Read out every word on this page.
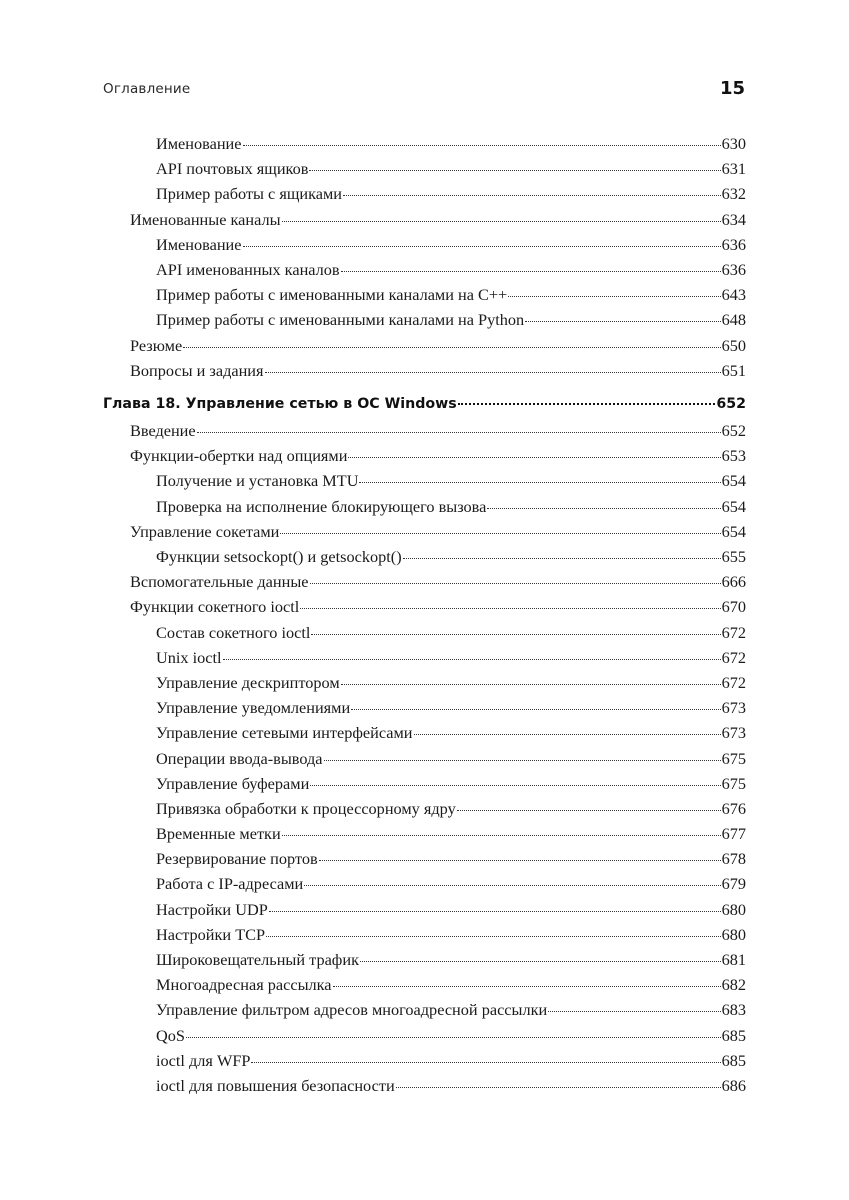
Оглавление	15
Именование	630
API почтовых ящиков	631
Пример работы с ящиками	632
Именованные каналы	634
Именование	636
API именованных каналов	636
Пример работы с именованными каналами на C++	643
Пример работы с именованными каналами на Python	648
Резюме	650
Вопросы и задания	651
Глава 18. Управление сетью в ОС Windows	652
Введение	652
Функции-обертки над опциями	653
Получение и установка MTU	654
Проверка на исполнение блокирующего вызова	654
Управление сокетами	654
Функции setsockopt() и getsockopt()	655
Вспомогательные данные	666
Функции сокетного ioctl	670
Состав сокетного ioctl	672
Unix ioctl	672
Управление дескриптором	672
Управление уведомлениями	673
Управление сетевыми интерфейсами	673
Операции ввода-вывода	675
Управление буферами	675
Привязка обработки к процессорному ядру	676
Временные метки	677
Резервирование портов	678
Работа с IP-адресами	679
Настройки UDP	680
Настройки TCP	680
Широковещательный трафик	681
Многоадресная рассылка	682
Управление фильтром адресов многоадресной рассылки	683
QoS	685
ioctl для WFP	685
ioctl для повышения безопасности	686
